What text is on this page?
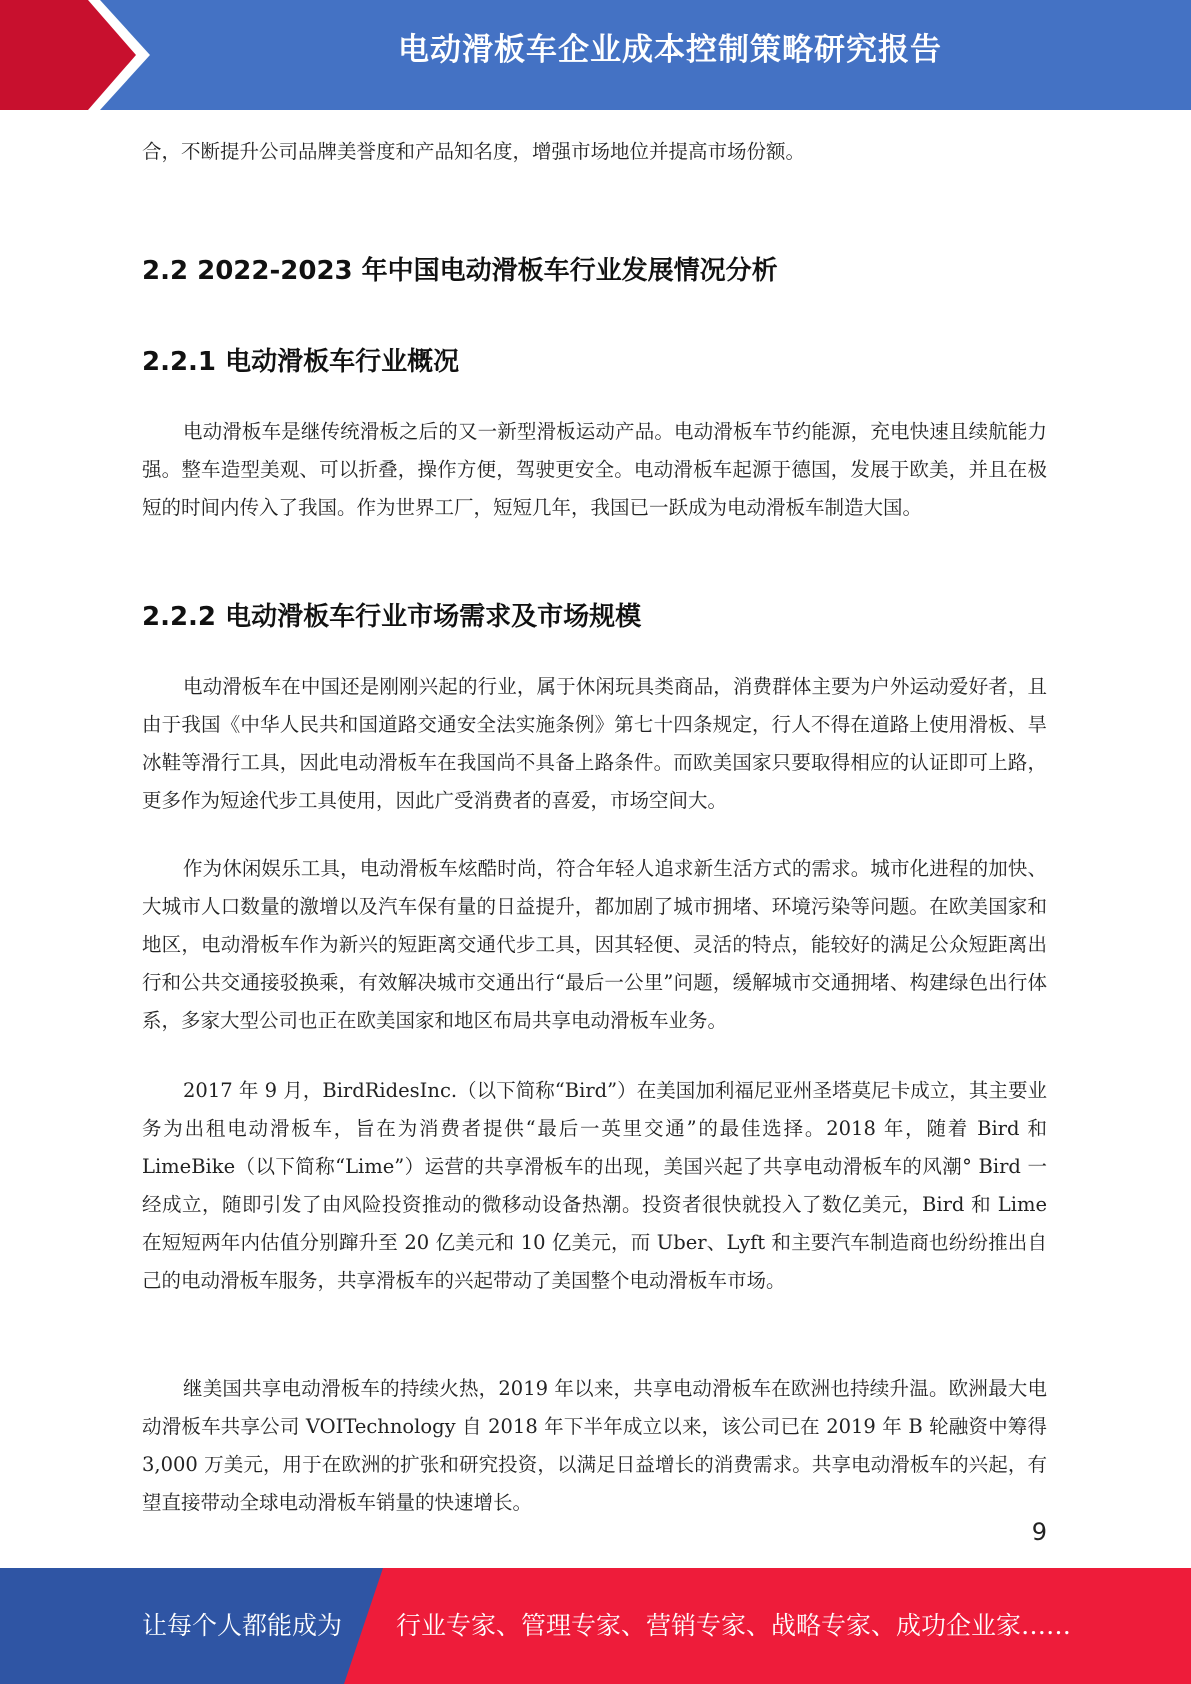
电动滑板车企业成本控制策略研究报告

合，不断提升公司品牌美誉度和产品知名度，增强市场地位并提高市场份额。

2.2 2022-2023 年中国电动滑板车行业发展情况分析
2.2.1 电动滑板车行业概况

电动滑板车是继传统滑板之后的又一新型滑板运动产品。电动滑板车节约能源，充电快速且续航能力强。整车造型美观、可以折叠，操作方便，驾驶更安全。电动滑板车起源于德国，发展于欧美，并且在极短的时间内传入了我国。作为世界工厂，短短几年，我国已一跃成为电动滑板车制造大国。

2.2.2 电动滑板车行业市场需求及市场规模

电动滑板车在中国还是刚刚兴起的行业，属于休闲玩具类商品，消费群体主要为户外运动爱好者，且由于我国《中华人民共和国道路交通安全法实施条例》第七十四条规定，行人不得在道路上使用滑板、旱冰鞋等滑行工具，因此电动滑板车在我国尚不具备上路条件。而欧美国家只要取得相应的认证即可上路，更多作为短途代步工具使用，因此广受消费者的喜爱，市场空间大。

作为休闲娱乐工具，电动滑板车炫酷时尚，符合年轻人追求新生活方式的需求。城市化进程的加快、大城市人口数量的激增以及汽车保有量的日益提升，都加剧了城市拥堵、环境污染等问题。在欧美国家和地区，电动滑板车作为新兴的短距离交通代步工具，因其轻便、灵活的特点，能较好的满足公众短距离出行和公共交通接驳换乘，有效解决城市交通出行“最后一公里”问题，缓解城市交通拥堵、构建绿色出行体系，多家大型公司也正在欧美国家和地区布局共享电动滑板车业务。

2017 年 9 月，BirdRidesInc.（以下简称“Bird”）在美国加利福尼亚州圣塔莫尼卡成立，其主要业务为出租电动滑板车，旨在为消费者提供“最后一英里交通”的最佳选择。2018 年，随着 Bird 和 LimeBike（以下简称“Lime”）运营的共享滑板车的出现，美国兴起了共享电动滑板车的风潮° Bird 一经成立，随即引发了由风险投资推动的微移动设备热潮。投资者很快就投入了数亿美元，Bird 和 Lime 在短短两年内估值分别蹿升至 20 亿美元和 10 亿美元，而 Uber、Lyft 和主要汽车制造商也纷纷推出自己的电动滑板车服务，共享滑板车的兴起带动了美国整个电动滑板车市场。

继美国共享电动滑板车的持续火热，2019 年以来，共享电动滑板车在欧洲也持续升温。欧洲最大电动滑板车共享公司 VOITechnology 自 2018 年下半年成立以来，该公司已在 2019 年 B 轮融资中筹得 3,000 万美元，用于在欧洲的扩张和研究投资，以满足日益增长的消费需求。共享电动滑板车的兴起，有望直接带动全球电动滑板车销量的快速增长。

9
让每个人都能成为 行业专家、管理专家、营销专家、战略专家、成功企业家……
